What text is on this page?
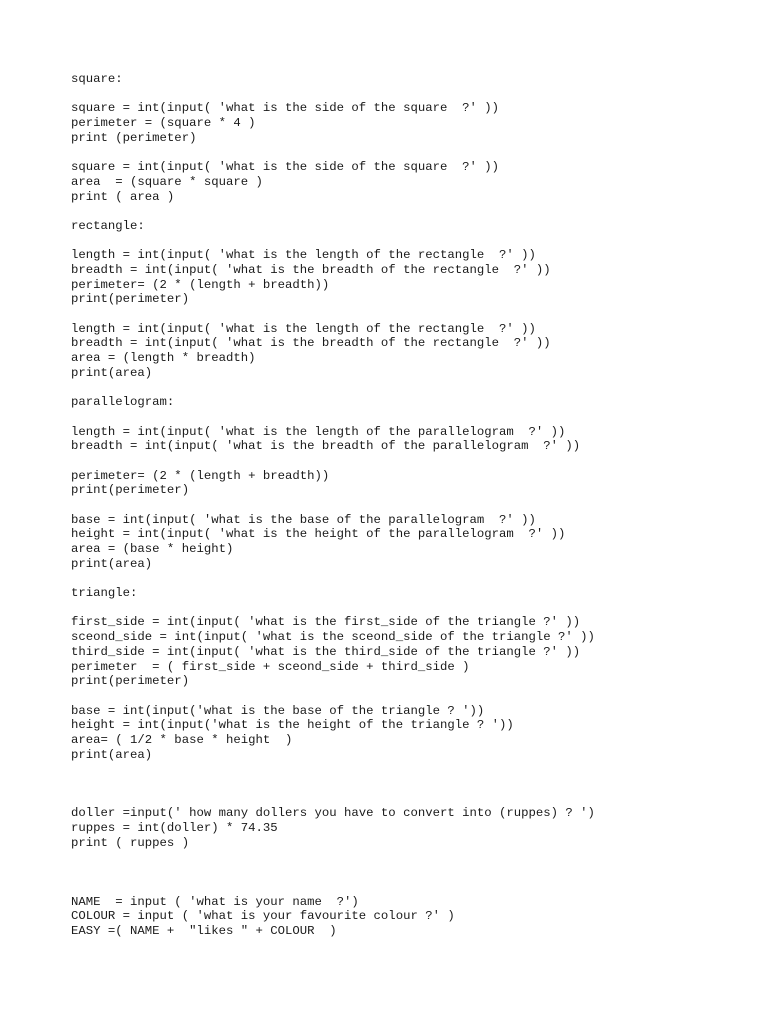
square:
square = int(input( 'what is the side of the square  ?' ))
perimeter = (square * 4 )
print (perimeter)
square = int(input( 'what is the side of the square  ?' ))
area  = (square * square )
print ( area )
rectangle:
length = int(input( 'what is the length of the rectangle  ?' ))
breadth = int(input( 'what is the breadth of the rectangle  ?' ))
perimeter= (2 * (length + breadth))
print(perimeter)
length = int(input( 'what is the length of the rectangle  ?' ))
breadth = int(input( 'what is the breadth of the rectangle  ?' ))
area = (length * breadth)
print(area)
parallelogram:
length = int(input( 'what is the length of the parallelogram  ?' ))
breadth = int(input( 'what is the breadth of the parallelogram  ?' ))
perimeter= (2 * (length + breadth))
print(perimeter)
base = int(input( 'what is the base of the parallelogram  ?' ))
height = int(input( 'what is the height of the parallelogram  ?' ))
area = (base * height)
print(area)
triangle:
first_side = int(input( 'what is the first_side of the triangle ?' ))
sceond_side = int(input( 'what is the sceond_side of the triangle ?' ))
third_side = int(input( 'what is the third_side of the triangle ?' ))
perimeter  = ( first_side + sceond_side + third_side )
print(perimeter)
base = int(input('what is the base of the triangle ? '))
height = int(input('what is the height of the triangle ? '))
area= ( 1/2 * base * height  )
print(area)
doller =input(' how many dollers you have to convert into (ruppes) ? ')
ruppes = int(doller) * 74.35
print ( ruppes )
NAME  = input ( 'what is your name  ?')
COLOUR = input ( 'what is your favourite colour ?' )
EASY =( NAME +  "likes " + COLOUR  )
